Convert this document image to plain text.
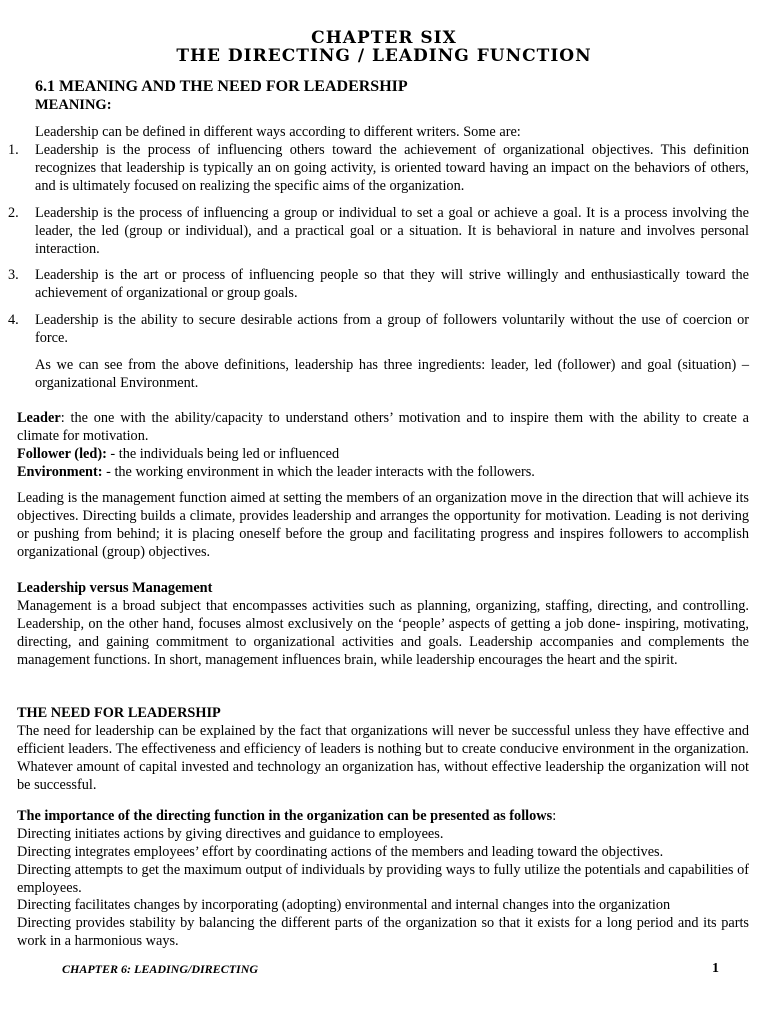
CHAPTER SIX
THE DIRECTING / LEADING FUNCTION
6.1 MEANING AND THE NEED FOR LEADERSHIP
MEANING:

Leadership can be defined in different ways according to different writers. Some are:

1. Leadership is the process of influencing others toward the achievement of organizational objectives. This definition recognizes that leadership is typically an on going activity, is oriented toward having an impact on the behaviors of others, and is ultimately focused on realizing the specific aims of the organization.

2. Leadership is the process of influencing a group or individual to set a goal or achieve a goal. It is a process involving the leader, the led (group or individual), and a practical goal or a situation. It is behavioral in nature and involves personal interaction.

3. Leadership is the art or process of influencing people so that they will strive willingly and enthusiastically toward the achievement of organizational or group goals.

4. Leadership is the ability to secure desirable actions from a group of followers voluntarily without the use of coercion or force.

As we can see from the above definitions, leadership has three ingredients: leader, led (follower) and goal (situation) – organizational Environment.

Leader: the one with the ability/capacity to understand others’ motivation and to inspire them with the ability to create a climate for motivation.

Follower (led): - the individuals being led or influenced

Environment: - the working environment in which the leader interacts with the followers.

Leading is the management function aimed at setting the members of an organization move in the direction that will achieve its objectives. Directing builds a climate, provides leadership and arranges the opportunity for motivation. Leading is not deriving or pushing from behind; it is placing oneself before the group and facilitating progress and inspires followers to accomplish organizational (group) objectives.

Leadership versus Management

Management is a broad subject that encompasses activities such as planning, organizing, staffing, directing, and controlling. Leadership, on the other hand, focuses almost exclusively on the ‘people’ aspects of getting a job done- inspiring, motivating, directing, and gaining commitment to organizational activities and goals. Leadership accompanies and complements the management functions. In short, management influences brain, while leadership encourages the heart and the spirit.

THE NEED FOR LEADERSHIP

The need for leadership can be explained by the fact that organizations will never be successful unless they have effective and efficient leaders. The effectiveness and efficiency of leaders is nothing but to create conducive environment in the organization. Whatever amount of capital invested and technology an organization has, without effective leadership the organization will not be successful.

The importance of the directing function in the organization can be presented as follows:

Directing initiates actions by giving directives and guidance to employees.

Directing integrates employees’ effort by coordinating actions of the members and leading toward the objectives.

Directing attempts to get the maximum output of individuals by providing ways to fully utilize the potentials and capabilities of employees.

Directing facilitates changes by incorporating (adopting) environmental and internal changes into the organization

Directing provides stability by balancing the different parts of the organization so that it exists for a long period and its parts work in a harmonious ways.

CHAPTER 6: LEADING/DIRECTING	1
